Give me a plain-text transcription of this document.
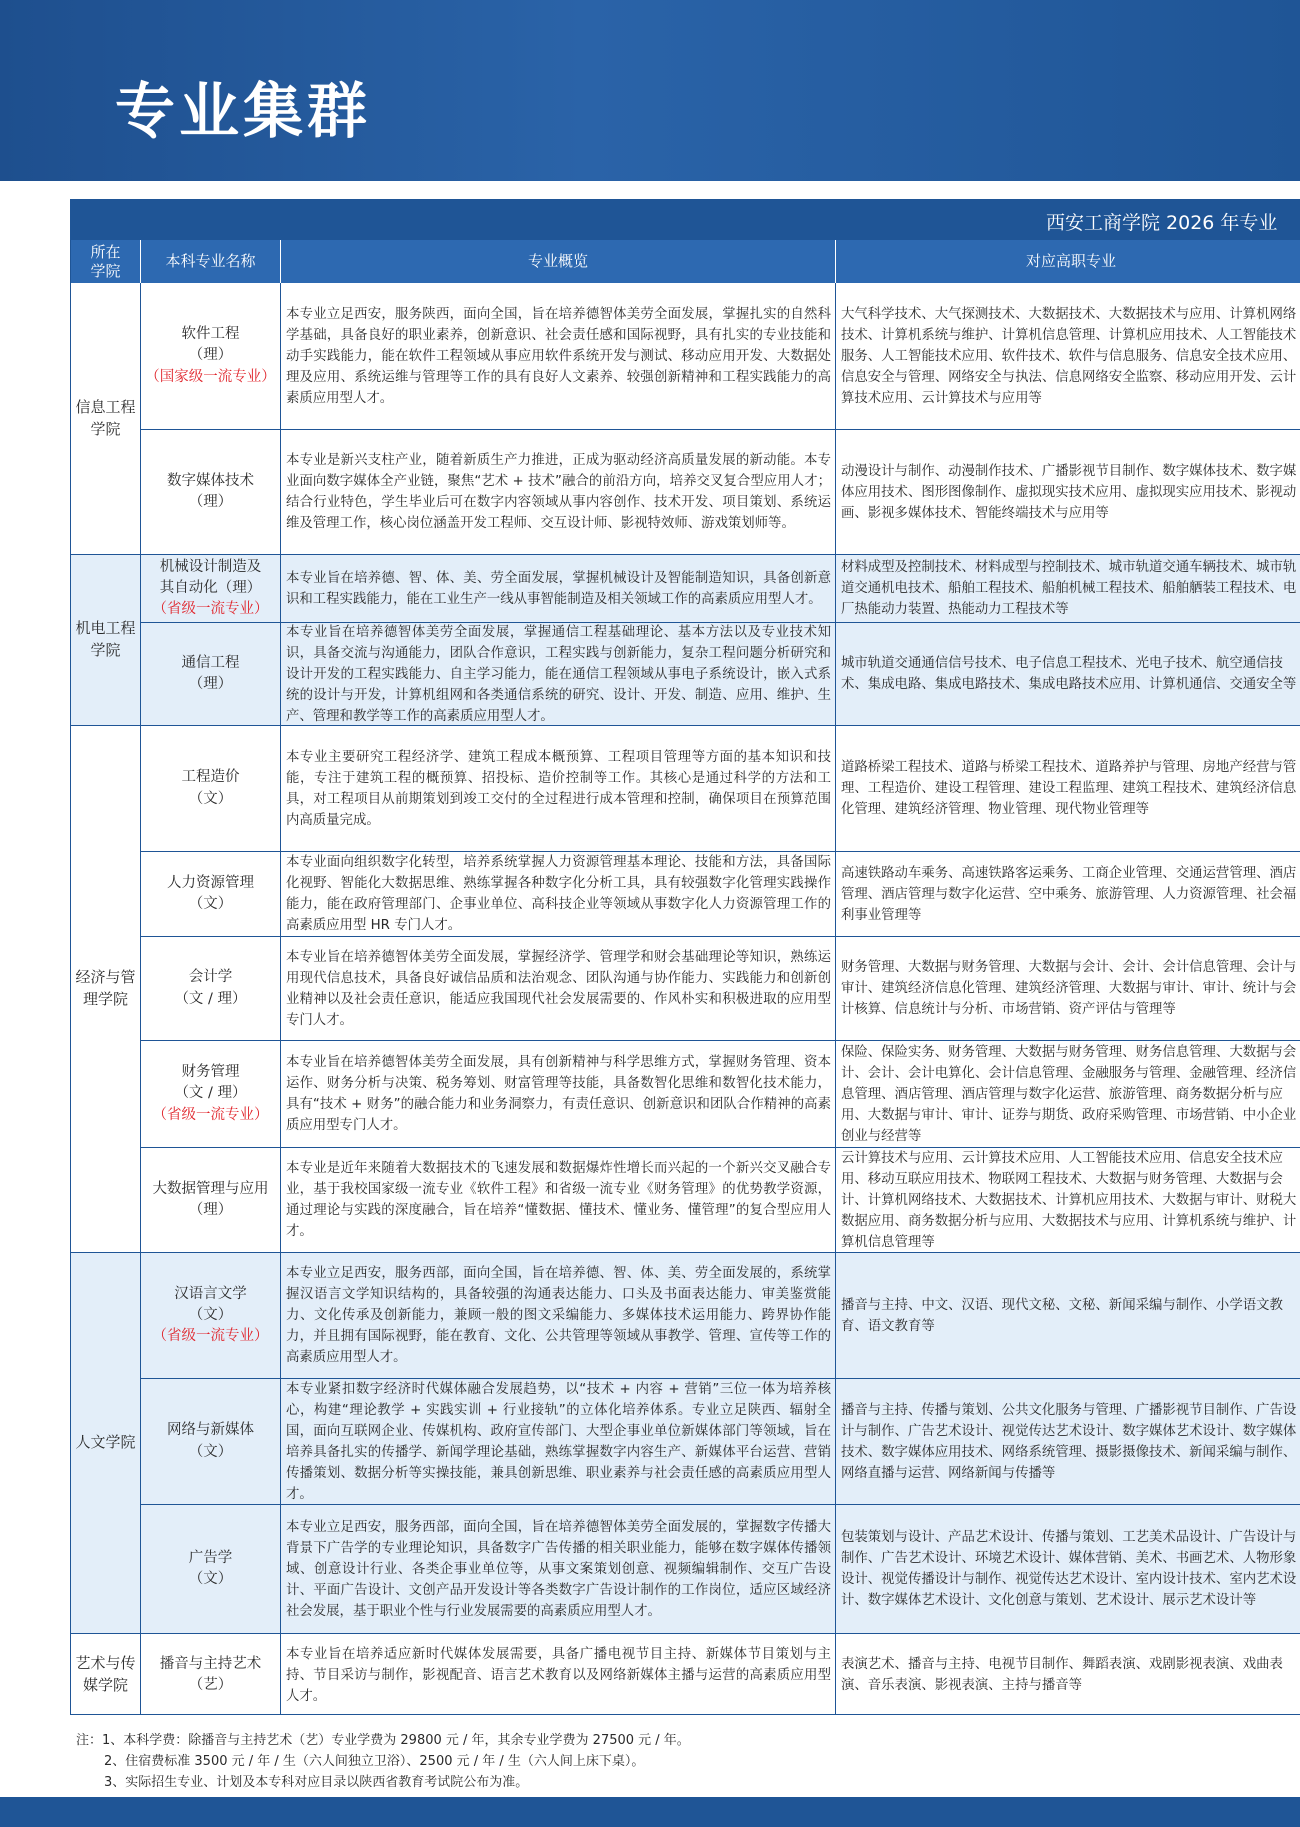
专业集群
西安工商学院 2026 年专业
所在学院
本科专业名称	专业概览	对应高职专业
信息工程学院
机电工程学院
经济与管理学院
人文学院
艺术与传媒学院
软件工程
（理）
（国家级一流专业）
本专业立足西安，服务陕西，面向全国，旨在培养德智体美劳全面发展，掌握扎实的自然科学基础，具备良好的职业素养，创新意识、社会责任感和国际视野，具有扎实的专业技能和动手实践能力，能在软件工程领域从事应用软件系统开发与测试、移动应用开发、大数据处理及应用、系统运维与管理等工作的具有良好人文素养、较强创新精神和工程实践能力的高素质应用型人才。
大气科学技术、大气探测技术、大数据技术、大数据技术与应用、计算机网络技术、计算机系统与维护、计算机信息管理、计算机应用技术、人工智能技术服务、人工智能技术应用、软件技术、软件与信息服务、信息安全技术应用、信息安全与管理、网络安全与执法、信息网络安全监察、移动应用开发、云计算技术应用、云计算技术与应用等
数字媒体技术
（理）
本专业是新兴支柱产业，随着新质生产力推进，正成为驱动经济高质量发展的新动能。本专业面向数字媒体全产业链，聚焦“艺术 + 技术”融合的前沿方向，培养交叉复合型应用人才；结合行业特色，学生毕业后可在数字内容领域从事内容创作、技术开发、项目策划、系统运维及管理工作，核心岗位涵盖开发工程师、交互设计师、影视特效师、游戏策划师等。
动漫设计与制作、动漫制作技术、广播影视节目制作、数字媒体技术、数字媒体应用技术、图形图像制作、虚拟现实技术应用、虚拟现实应用技术、影视动画、影视多媒体技术、智能终端技术与应用等
机械设计制造及其自动化（理）
（省级一流专业）
本专业旨在培养德、智、体、美、劳全面发展，掌握机械设计及智能制造知识，具备创新意识和工程实践能力，能在工业生产一线从事智能制造及相关领域工作的高素质应用型人才。
材料成型及控制技术、材料成型与控制技术、城市轨道交通车辆技术、城市轨道交通机电技术、船舶工程技术、船舶机械工程技术、船舶舾装工程技术、电厂热能动力装置、热能动力工程技术等
通信工程
（理）
本专业旨在培养德智体美劳全面发展，掌握通信工程基础理论、基本方法以及专业技术知识，具备交流与沟通能力，团队合作意识，工程实践与创新能力，复杂工程问题分析研究和设计开发的工程实践能力、自主学习能力，能在通信工程领域从事电子系统设计，嵌入式系统的设计与开发，计算机组网和各类通信系统的研究、设计、开发、制造、应用、维护、生产、管理和教学等工作的高素质应用型人才。
城市轨道交通通信信号技术、电子信息工程技术、光电子技术、航空通信技术、集成电路、集成电路技术、集成电路技术应用、计算机通信、交通安全等
工程造价
（文）
本专业主要研究工程经济学、建筑工程成本概预算、工程项目管理等方面的基本知识和技能，专注于建筑工程的概预算、招投标、造价控制等工作。其核心是通过科学的方法和工具，对工程项目从前期策划到竣工交付的全过程进行成本管理和控制，确保项目在预算范围内高质量完成。
道路桥梁工程技术、道路与桥梁工程技术、道路养护与管理、房地产经营与管理、工程造价、建设工程管理、建设工程监理、建筑工程技术、建筑经济信息化管理、建筑经济管理、物业管理、现代物业管理等
人力资源管理
（文）
本专业面向组织数字化转型，培养系统掌握人力资源管理基本理论、技能和方法，具备国际化视野、智能化大数据思维、熟练掌握各种数字化分析工具，具有较强数字化管理实践操作能力，能在政府管理部门、企事业单位、高科技企业等领域从事数字化人力资源管理工作的高素质应用型 HR 专门人才。
高速铁路动车乘务、高速铁路客运乘务、工商企业管理、交通运营管理、酒店管理、酒店管理与数字化运营、空中乘务、旅游管理、人力资源管理、社会福利事业管理等
会计学
（文 / 理）
本专业旨在培养德智体美劳全面发展，掌握经济学、管理学和财会基础理论等知识，熟练运用现代信息技术，具备良好诚信品质和法治观念、团队沟通与协作能力、实践能力和创新创业精神以及社会责任意识，能适应我国现代社会发展需要的、作风朴实和积极进取的应用型专门人才。
财务管理、大数据与财务管理、大数据与会计、会计、会计信息管理、会计与审计、建筑经济信息化管理、建筑经济管理、大数据与审计、审计、统计与会计核算、信息统计与分析、市场营销、资产评估与管理等
财务管理
（文 / 理）
（省级一流专业）
本专业旨在培养德智体美劳全面发展，具有创新精神与科学思维方式，掌握财务管理、资本运作、财务分析与决策、税务筹划、财富管理等技能，具备数智化思维和数智化技术能力，具有“技术 + 财务”的融合能力和业务洞察力，有责任意识、创新意识和团队合作精神的高素质应用型专门人才。
保险、保险实务、财务管理、大数据与财务管理、财务信息管理、大数据与会计、会计、会计电算化、会计信息管理、金融服务与管理、金融管理、经济信息管理、酒店管理、酒店管理与数字化运营、旅游管理、商务数据分析与应用、大数据与审计、审计、证券与期货、政府采购管理、市场营销、中小企业创业与经营等
大数据管理与应用
（理）
本专业是近年来随着大数据技术的飞速发展和数据爆炸性增长而兴起的一个新兴交叉融合专业，基于我校国家级一流专业《软件工程》和省级一流专业《财务管理》的优势教学资源，通过理论与实践的深度融合，旨在培养“懂数据、懂技术、懂业务、懂管理”的复合型应用人才。
云计算技术与应用、云计算技术应用、人工智能技术应用、信息安全技术应用、移动互联应用技术、物联网工程技术、大数据与财务管理、大数据与会计、计算机网络技术、大数据技术、计算机应用技术、大数据与审计、财税大数据应用、商务数据分析与应用、大数据技术与应用、计算机系统与维护、计算机信息管理等
汉语言文学
（文）
（省级一流专业）
本专业立足西安，服务西部，面向全国，旨在培养德、智、体、美、劳全面发展的，系统掌握汉语言文学知识结构的，具备较强的沟通表达能力、口头及书面表达能力、审美鉴赏能力、文化传承及创新能力，兼顾一般的图文采编能力、多媒体技术运用能力、跨界协作能力，并且拥有国际视野，能在教育、文化、公共管理等领域从事教学、管理、宣传等工作的高素质应用型人才。
播音与主持、中文、汉语、现代文秘、文秘、新闻采编与制作、小学语文教育、语文教育等
网络与新媒体
（文）
本专业紧扣数字经济时代媒体融合发展趋势，以“技术 + 内容 + 营销”三位一体为培养核心，构建“理论教学 + 实践实训 + 行业接轨”的立体化培养体系。专业立足陕西、辐射全国，面向互联网企业、传媒机构、政府宣传部门、大型企事业单位新媒体部门等领域，旨在培养具备扎实的传播学、新闻学理论基础，熟练掌握数字内容生产、新媒体平台运营、营销传播策划、数据分析等实操技能，兼具创新思维、职业素养与社会责任感的高素质应用型人才。
播音与主持、传播与策划、公共文化服务与管理、广播影视节目制作、广告设计与制作、广告艺术设计、视觉传达艺术设计、数字媒体艺术设计、数字媒体技术、数字媒体应用技术、网络系统管理、摄影摄像技术、新闻采编与制作、网络直播与运营、网络新闻与传播等
广告学
（文）
本专业立足西安，服务西部，面向全国，旨在培养德智体美劳全面发展的，掌握数字传播大背景下广告学的专业理论知识，具备数字广告传播的相关职业能力，能够在数字媒体传播领域、创意设计行业、各类企事业单位等，从事文案策划创意、视频编辑制作、交互广告设计、平面广告设计、文创产品开发设计等各类数字广告设计制作的工作岗位，适应区域经济社会发展，基于职业个性与行业发展需要的高素质应用型人才。
包装策划与设计、产品艺术设计、传播与策划、工艺美术品设计、广告设计与制作、广告艺术设计、环境艺术设计、媒体营销、美术、书画艺术、人物形象设计、视觉传播设计与制作、视觉传达艺术设计、室内设计技术、室内艺术设计、数字媒体艺术设计、文化创意与策划、艺术设计、展示艺术设计等
播音与主持艺术
（艺）
本专业旨在培养适应新时代媒体发展需要，具备广播电视节目主持、新媒体节目策划与主持、节目采访与制作，影视配音、语言艺术教育以及网络新媒体主播与运营的高素质应用型人才。
表演艺术、播音与主持、电视节目制作、舞蹈表演、戏剧影视表演、戏曲表演、音乐表演、影视表演、主持与播音等
注：1、本科学费：除播音与主持艺术（艺）专业学费为 29800 元 / 年，其余专业学费为 27500 元 / 年。
2、住宿费标准 3500 元 / 年 / 生（六人间独立卫浴）、2500 元 / 年 / 生（六人间上床下桌）。
3、实际招生专业、计划及本专科对应目录以陕西省教育考试院公布为准。
